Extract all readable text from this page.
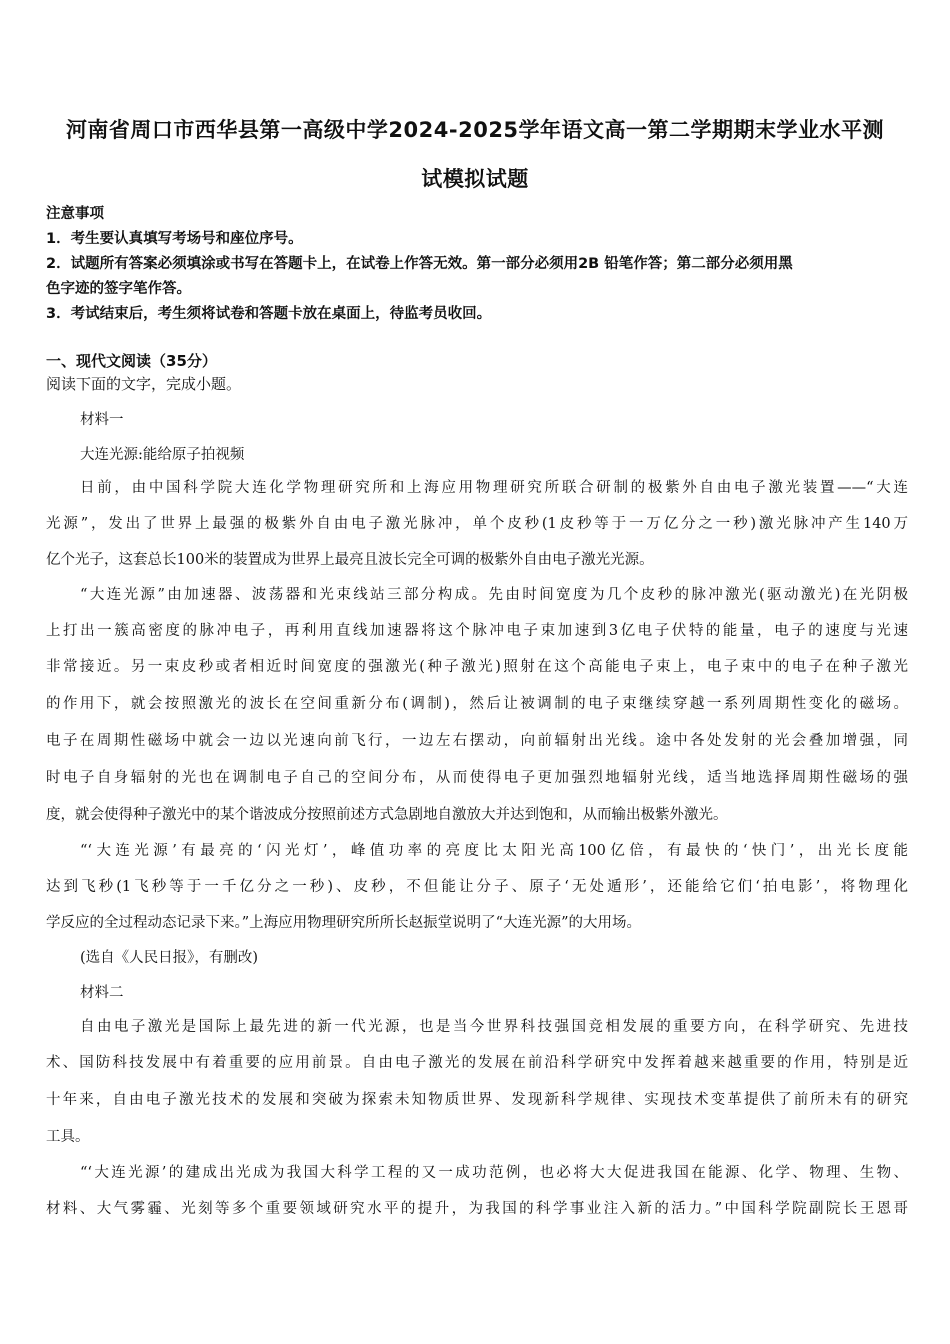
河南省周口市西华县第一高级中学2024-2025学年语文高一第二学期期末学业水平测
试模拟试题

注意事项

1．考生要认真填写考场号和座位序号。

2．试题所有答案必须填涂或书写在答题卡上，在试卷上作答无效。第一部分必须用2B 铅笔作答；第二部分必须用黑

色字迹的签字笔作答。

3．考试结束后，考生须将试卷和答题卡放在桌面上，待监考员收回。

一、现代文阅读（35分）
阅读下面的文字，完成小题。
材料一
大连光源:能给原子拍视频
日前，由中国科学院大连化学物理研究所和上海应用物理研究所联合研制的极紫外自由电子激光装置——“大连
光源”，发出了世界上最强的极紫外自由电子激光脉冲，单个皮秒(1皮秒等于一万亿分之一秒)激光脉冲产生140万
亿个光子，这套总长100米的装置成为世界上最亮且波长完全可调的极紫外自由电子激光光源。
“大连光源”由加速器、波荡器和光束线站三部分构成。先由时间宽度为几个皮秒的脉冲激光(驱动激光)在光阴极
上打出一簇高密度的脉冲电子，再利用直线加速器将这个脉冲电子束加速到3亿电子伏特的能量，电子的速度与光速
非常接近。另一束皮秒或者相近时间宽度的强激光(种子激光)照射在这个高能电子束上，电子束中的电子在种子激光
的作用下，就会按照激光的波长在空间重新分布(调制)，然后让被调制的电子束继续穿越一系列周期性变化的磁场。
电子在周期性磁场中就会一边以光速向前飞行，一边左右摆动，向前辐射出光线。途中各处发射的光会叠加增强，同
时电子自身辐射的光也在调制电子自己的空间分布，从而使得电子更加强烈地辐射光线，适当地选择周期性磁场的强
度，就会使得种子激光中的某个谐波成分按照前述方式急剧地自激放大并达到饱和，从而输出极紫外激光。
“‘大连光源’有最亮的‘闪光灯’，峰值功率的亮度比太阳光高100亿倍，有最快的‘快门’，出光长度能
达到飞秒(1飞秒等于一千亿分之一秒)、皮秒，不但能让分子、原子‘无处遁形’，还能给它们‘拍电影’，将物理化
学反应的全过程动态记录下来。”上海应用物理研究所所长赵振堂说明了“大连光源”的大用场。
(选自《人民日报》，有删改)
材料二
自由电子激光是国际上最先进的新一代光源，也是当今世界科技强国竞相发展的重要方向，在科学研究、先进技
术、国防科技发展中有着重要的应用前景。自由电子激光的发展在前沿科学研究中发挥着越来越重要的作用，特别是近
十年来，自由电子激光技术的发展和突破为探索未知物质世界、发现新科学规律、实现技术变革提供了前所未有的研究
工具。
“‘大连光源’的建成出光成为我国大科学工程的又一成功范例，也必将大大促进我国在能源、化学、物理、生物、
材料、大气雾霾、光刻等多个重要领域研究水平的提升，为我国的科学事业注入新的活力。”中国科学院副院长王恩哥
